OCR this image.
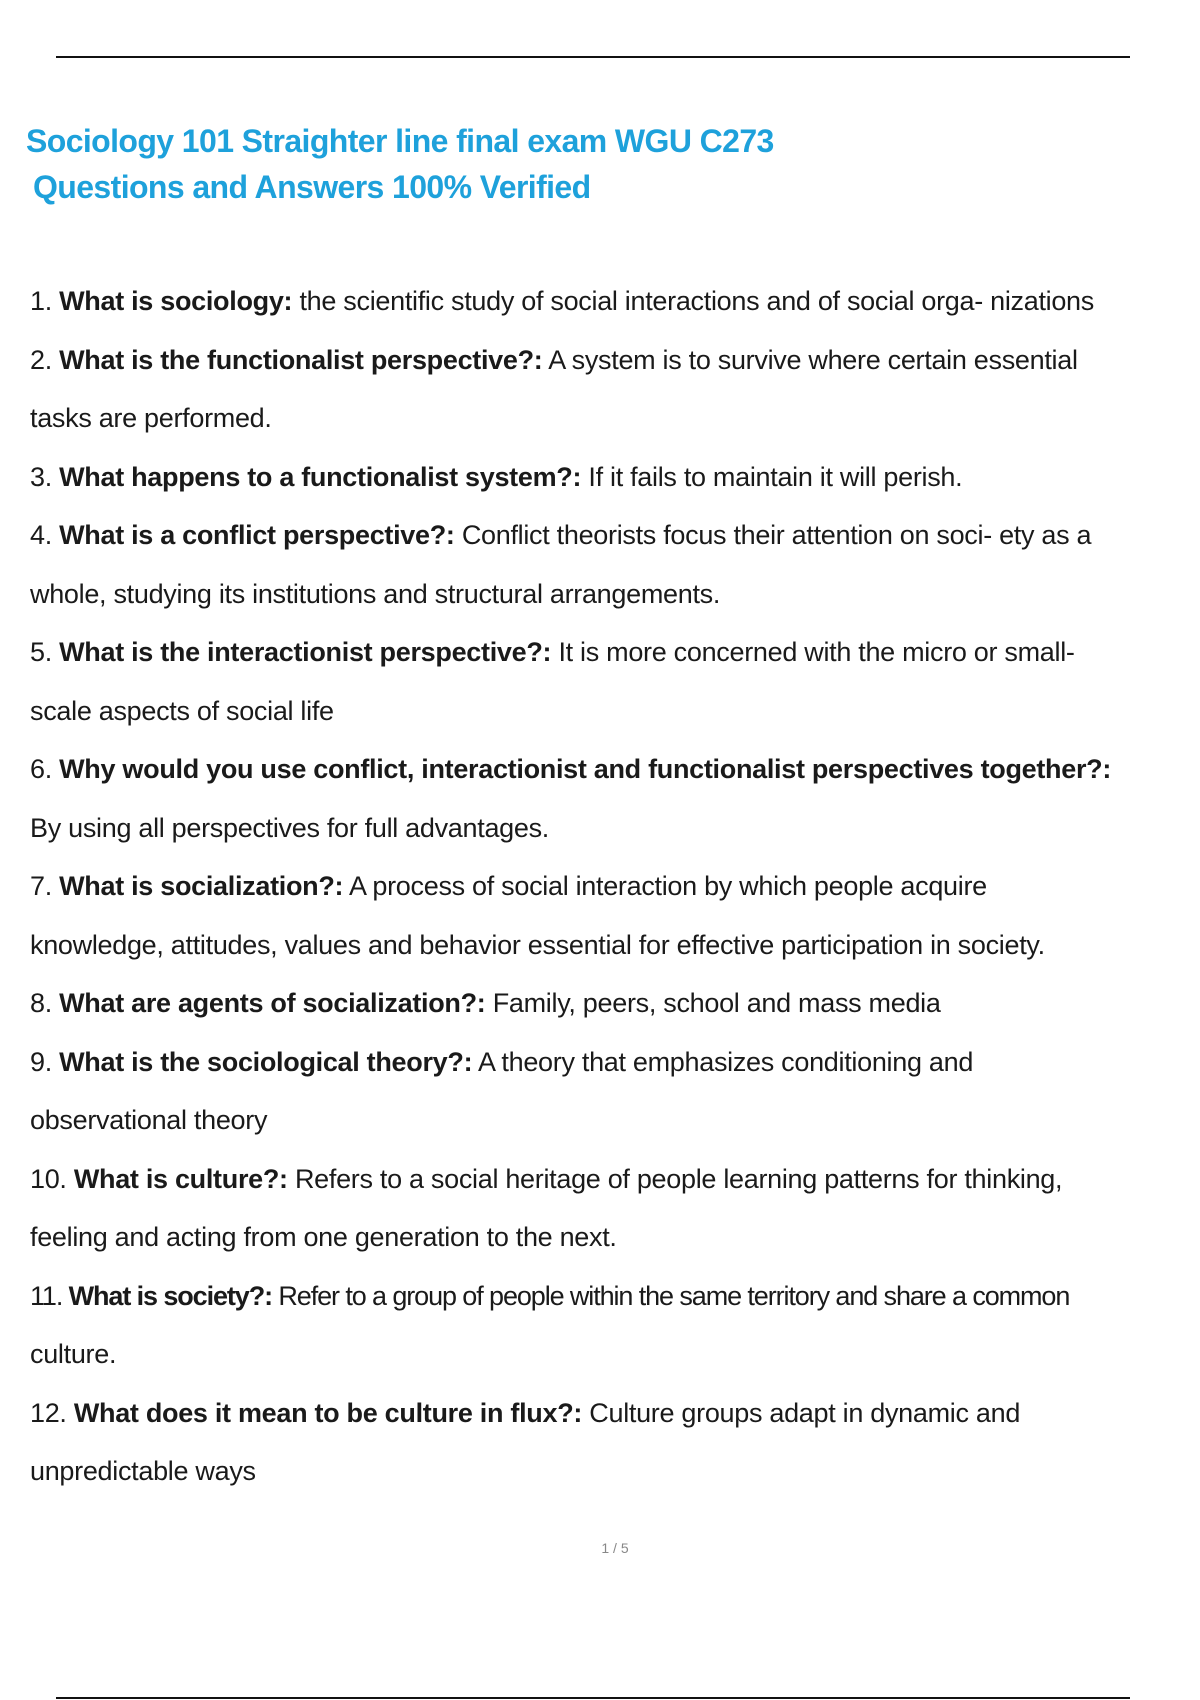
Sociology 101 Straighter line final exam WGU C273
Questions and Answers 100% Verified
1. What is sociology: the scientific study of social interactions and of social orga- nizations
2. What is the functionalist perspective?: A system is to survive where certain essential
tasks are performed.
3. What happens to a functionalist system?: If it fails to maintain it will perish.
4. What is a conflict perspective?: Conflict theorists focus their attention on soci- ety as a
whole, studying its institutions and structural arrangements.
5. What is the interactionist perspective?: It is more concerned with the micro or small-
scale aspects of social life
6. Why would you use conflict, interactionist and functionalist perspectives together?:
By using all perspectives for full advantages.
7. What is socialization?: A process of social interaction by which people acquire
knowledge, attitudes, values and behavior essential for effective participation in society.
8. What are agents of socialization?: Family, peers, school and mass media
9. What is the sociological theory?: A theory that emphasizes conditioning and
observational theory
10. What is culture?: Refers to a social heritage of people learning patterns for thinking,
feeling and acting from one generation to the next.
11. What is society?: Refer to a group of people within the same territory and share a common
culture.
12. What does it mean to be culture in flux?: Culture groups adapt in dynamic and
unpredictable ways
1 / 5
